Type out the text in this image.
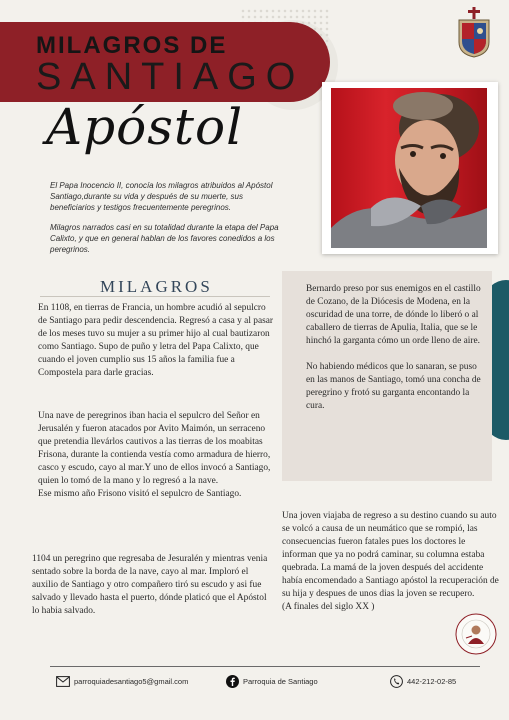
MILAGROS DE
SANTIAGO
Apóstol

El Papa Inocencio II, conocía los milagros atribuidos al Apóstol Santiago,durante su vida y después de su muerte, sus beneficiarios y testigos frecuentemente peregrinos.

Milagros narrados casi en su totalidad durante la etapa del Papa Calixto, y que en general hablan de los favores conedidos a los peregrinos.

MILAGROS

En 1108, en tierras de Francia, un hombre acudió al sepulcro de Santiago para pedir descendencia. Regresó a casa y al pasar de los meses tuvo su mujer a su primer hijo al cual bautizaron como Santiago. Supo de puño y letra del Papa Calixto, que cuando el joven cumplio sus 15 años la familia fue a Compostela para darle gracias.

Una nave de peregrinos iban hacia el sepulcro del Señor en Jerusalén y fueron atacados por Avito Maimón, un serraceno que pretendia llevárlos cautivos a las tierras de los moabitas Frisona, durante la contienda vestía como armadura de hierro, casco y escudo, cayo al mar.Y uno de ellos invocó a Santiago, quien lo tomó de la mano y lo regresó a la nave.

Ese mismo año Frisono visitó el sepulcro de Santiago.

1104 un peregrino que regresaba de Jesuralén y mientras venia sentado sobre la borda de la nave, cayo al mar. Imploró el auxilio de Santiago y otro compañero tiró su escudo y asi fue salvado y llevado hasta el puerto, dónde platicó que el Apóstol lo habia salvado.

Bernardo preso por sus enemigos en el castillo de Cozano, de la Diócesis de Modena, en la oscuridad de una torre, de dónde lo liberó o al caballero de tierras de Apulia, Italia, que se le hinchó la garganta cómo un orde lleno de aire.

No habiendo médicos que lo sanaran, se puso en las manos de Santiago, tomó una concha de peregrino y frotó su garganta encontando la cura.

Una joven viajaba de regreso a su destino cuando su auto se volcó a causa de un neumático que se rompió, las consecuencias fueron fatales pues los doctores le informan que ya no podrá caminar, su columna estaba quebrada. La mamá de la joven después del accidente había encomendado a Santiago apóstol la recuperación de su hija y despues de unos dias la joven se recupero.

(A finales del siglo XX )

parroquiadesantiago5@gmail.com	Parroquia de Santiago	442-212-02-85
